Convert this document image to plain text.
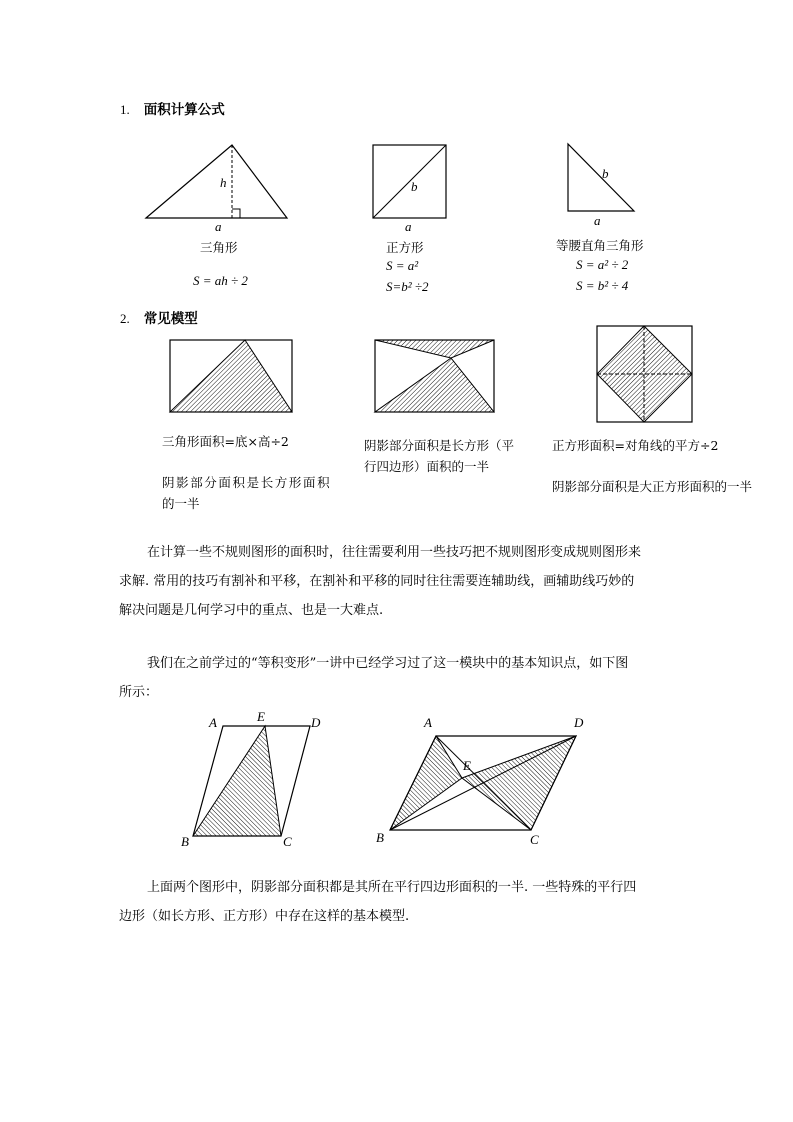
1. 面积计算公式
h
a
三角形
S = ah ÷ 2
b
a
正方形
S = a²
S=b² ÷2
b
a
等腰直角三角形
S = a² ÷ 2
S = b² ÷ 4
2. 常见模型
三角形面积=底×高÷2
阴影部分面积是长方形面积
的一半
阴影部分面积是长方形（平
行四边形）面积的一半
正方形面积=对角线的平方÷2
阴影部分面积是大正方形面积的一半
在计算一些不规则图形的面积时，往往需要利用一些技巧把不规则图形变成规则图形来
求解. 常用的技巧有割补和平移，在割补和平移的同时往往需要连辅助线，画辅助线巧妙的
解决问题是几何学习中的重点、也是一大难点.
我们在之前学过的“等积变形”一讲中已经学习过了这一模块中的基本知识点，如下图
所示：
A	E	D
B	C
A	D
E
B	C
上面两个图形中，阴影部分面积都是其所在平行四边形面积的一半. 一些特殊的平行四
边形（如长方形、正方形）中存在这样的基本模型.
